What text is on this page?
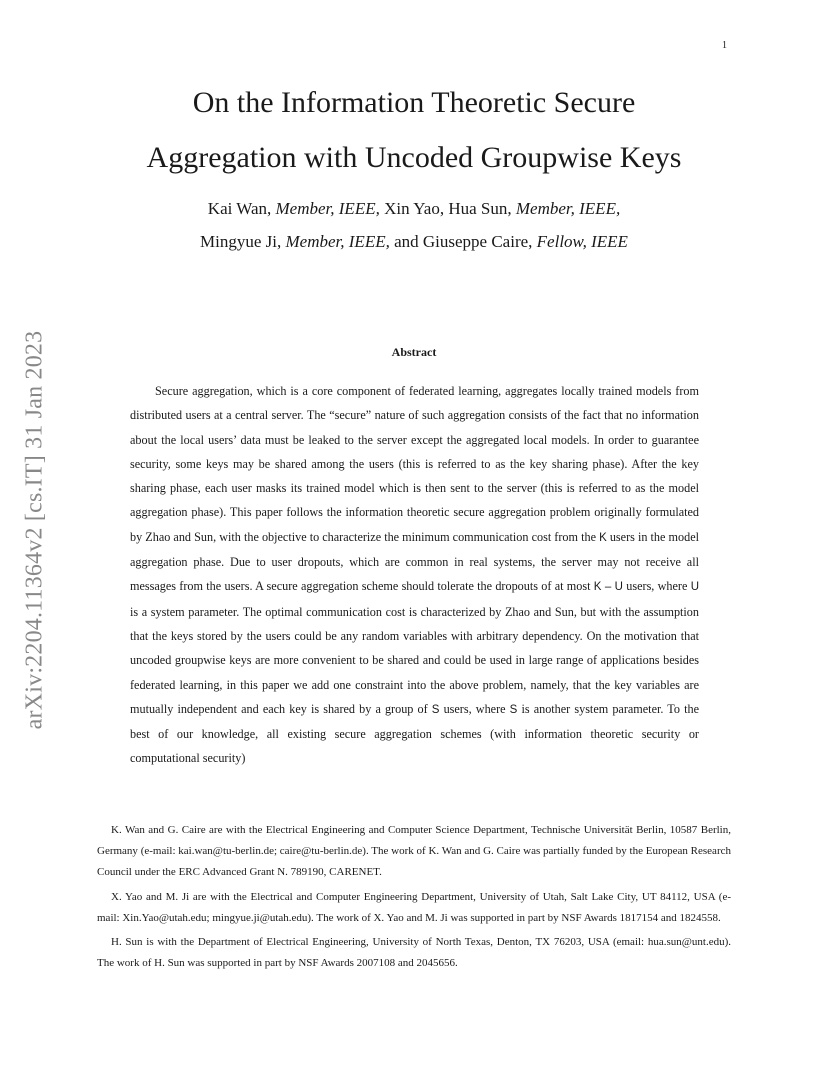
1
On the Information Theoretic Secure
Aggregation with Uncoded Groupwise Keys
Kai Wan, Member, IEEE, Xin Yao, Hua Sun, Member, IEEE,
Mingyue Ji, Member, IEEE, and Giuseppe Caire, Fellow, IEEE
arXiv:2204.11364v2 [cs.IT] 31 Jan 2023	Abstract

Secure aggregation, which is a core component of federated learning, aggregates locally trained models from distributed users at a central server. The “secure” nature of such aggregation consists of the fact that no information about the local users’ data must be leaked to the server except the aggregated local models. In order to guarantee security, some keys may be shared among the users (this is referred to as the key sharing phase). After the key sharing phase, each user masks its trained model which is then sent to the server (this is referred to as the model aggregation phase). This paper follows the information theoretic secure aggregation problem originally formulated by Zhao and Sun, with the objective to characterize the minimum communication cost from the K users in the model aggregation phase. Due to user dropouts, which are common in real systems, the server may not receive all messages from the users. A secure aggregation scheme should tolerate the dropouts of at most K – U users, where U is a system parameter. The optimal communication cost is characterized by Zhao and Sun, but with the assumption that the keys stored by the users could be any random variables with arbitrary dependency. On the motivation that uncoded groupwise keys are more convenient to be shared and could be used in large range of applications besides federated learning, in this paper we add one constraint into the above problem, namely, that the key variables are mutually independent and each key is shared by a group of S users, where S is another system parameter. To the best of our knowledge, all existing secure aggregation schemes (with information theoretic security or computational security)

K. Wan and G. Caire are with the Electrical Engineering and Computer Science Department, Technische Universität Berlin, 10587 Berlin, Germany (e-mail: kai.wan@tu-berlin.de; caire@tu-berlin.de). The work of K. Wan and G. Caire was partially funded by the European Research Council under the ERC Advanced Grant N. 789190, CARENET.

X. Yao and M. Ji are with the Electrical and Computer Engineering Department, University of Utah, Salt Lake City, UT 84112, USA (e-mail: Xin.Yao@utah.edu; mingyue.ji@utah.edu). The work of X. Yao and M. Ji was supported in part by NSF Awards 1817154 and 1824558.

H. Sun is with the Department of Electrical Engineering, University of North Texas, Denton, TX 76203, USA (email: hua.sun@unt.edu). The work of H. Sun was supported in part by NSF Awards 2007108 and 2045656.
